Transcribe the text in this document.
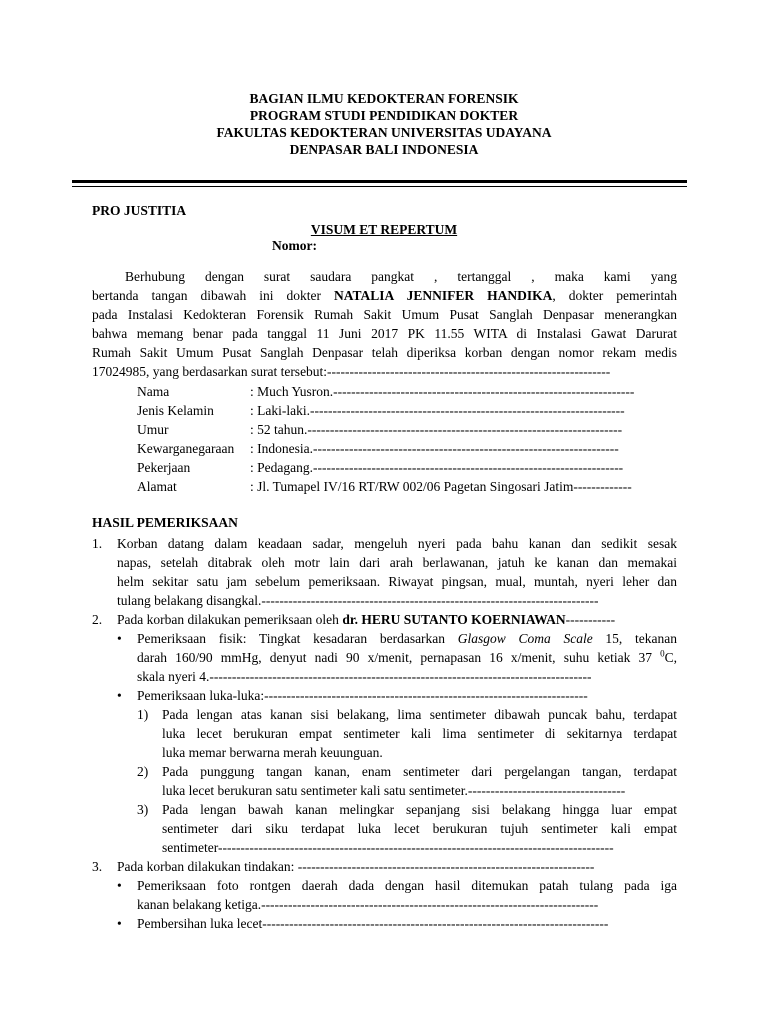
BAGIAN ILMU KEDOKTERAN FORENSIK
PROGRAM STUDI PENDIDIKAN DOKTER
FAKULTAS KEDOKTERAN UNIVERSITAS UDAYANA
DENPASAR BALI INDONESIA
PRO JUSTITIA
VISUM ET REPERTUM
Nomor:
Berhubung dengan surat saudara pangkat , tertanggal , maka kami yang
bertanda tangan dibawah ini dokter NATALIA JENNIFER HANDIKA, dokter pemerintah
pada Instalasi Kedokteran Forensik Rumah Sakit Umum Pusat Sanglah Denpasar menerangkan
bahwa memang benar pada tanggal 11 Juni 2017 PK 11.55 WITA di Instalasi Gawat Darurat
Rumah Sakit Umum Pusat Sanglah Denpasar telah diperiksa korban dengan nomor rekam medis
17024985, yang berdasarkan surat tersebut:---------------------------------------------------------------
Nama	: Much Yusron.-------------------------------------------------------------------
Jenis Kelamin	: Laki-laki.----------------------------------------------------------------------
Umur	: 52 tahun.----------------------------------------------------------------------
Kewarganegaraan	: Indonesia.--------------------------------------------------------------------
Pekerjaan	: Pedagang.---------------------------------------------------------------------
Alamat	: Jl. Tumapel IV/16 RT/RW 002/06 Pagetan Singosari Jatim-------------
HASIL PEMERIKSAAN
1. Korban datang dalam keadaan sadar, mengeluh nyeri pada bahu kanan dan sedikit sesak
napas, setelah ditabrak oleh motr lain dari arah berlawanan, jatuh ke kanan dan memakai
helm sekitar satu jam sebelum pemeriksaan. Riwayat pingsan, mual, muntah, nyeri leher dan
tulang belakang disangkal.---------------------------------------------------------------------------
2. Pada korban dilakukan pemeriksaan oleh dr. HERU SUTANTO KOERNIAWAN-----------
• Pemeriksaan fisik: Tingkat kesadaran berdasarkan Glasgow Coma Scale 15, tekanan
darah 160/90 mmHg, denyut nadi 90 x/menit, pernapasan 16 x/menit, suhu ketiak 37 $^0$C,
skala nyeri 4.-------------------------------------------------------------------------------------
• Pemeriksaan luka-luka:------------------------------------------------------------------------
1) Pada lengan atas kanan sisi belakang, lima sentimeter dibawah puncak bahu, terdapat
luka lecet berukuran empat sentimeter kali lima sentimeter di sekitarnya terdapat
luka memar berwarna merah keuunguan.
2) Pada punggung tangan kanan, enam sentimeter dari pergelangan tangan, terdapat
luka lecet berukuran satu sentimeter kali satu sentimeter.-----------------------------------
3) Pada lengan bawah kanan melingkar sepanjang sisi belakang hingga luar empat
sentimeter dari siku terdapat luka lecet berukuran tujuh sentimeter kali empat
sentimeter----------------------------------------------------------------------------------------
3. Pada korban dilakukan tindakan: ------------------------------------------------------------------
• Pemeriksaan foto rontgen daerah dada dengan hasil ditemukan patah tulang pada iga
kanan belakang ketiga.---------------------------------------------------------------------------
• Pembersihan luka lecet-----------------------------------------------------------------------------
